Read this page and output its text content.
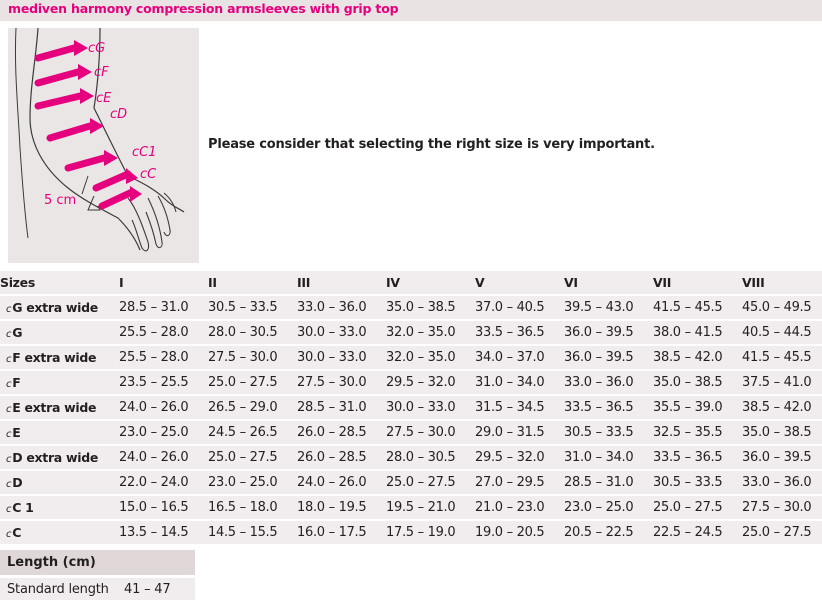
mediven harmony compression armsleeves with grip top
cG
cF
cE
cD
cC1
cC
5 cm
Please consider that selecting the right size is very important.
Sizes	I	II	III	IV	V	VI	VII	VIII
cG extra wide	28.5 – 31.0	30.5 – 33.5	33.0 – 36.0	35.0 – 38.5	37.0 – 40.5	39.5 – 43.0	41.5 – 45.5	45.0 – 49.5
cG	25.5 – 28.0	28.0 – 30.5	30.0 – 33.0	32.0 – 35.0	33.5 – 36.5	36.0 – 39.5	38.0 – 41.5	40.5 – 44.5
cF extra wide	25.5 – 28.0	27.5 – 30.0	30.0 – 33.0	32.0 – 35.0	34.0 – 37.0	36.0 – 39.5	38.5 – 42.0	41.5 – 45.5
cF	23.5 – 25.5	25.0 – 27.5	27.5 – 30.0	29.5 – 32.0	31.0 – 34.0	33.0 – 36.0	35.0 – 38.5	37.5 – 41.0
cE extra wide	24.0 – 26.0	26.5 – 29.0	28.5 – 31.0	30.0 – 33.0	31.5 – 34.5	33.5 – 36.5	35.5 – 39.0	38.5 – 42.0
cE	23.0 – 25.0	24.5 – 26.5	26.0 – 28.5	27.5 – 30.0	29.0 – 31.5	30.5 – 33.5	32.5 – 35.5	35.0 – 38.5
cD extra wide	24.0 – 26.0	25.0 – 27.5	26.0 – 28.5	28.0 – 30.5	29.5 – 32.0	31.0 – 34.0	33.5 – 36.5	36.0 – 39.5
cD	22.0 – 24.0	23.0 – 25.0	24.0 – 26.0	25.0 – 27.5	27.0 – 29.5	28.5 – 31.0	30.5 – 33.5	33.0 – 36.0
cC 1	15.0 – 16.5	16.5 – 18.0	18.0 – 19.5	19.5 – 21.0	21.0 – 23.0	23.0 – 25.0	25.0 – 27.5	27.5 – 30.0
cC	13.5 – 14.5	14.5 – 15.5	16.0 – 17.5	17.5 – 19.0	19.0 – 20.5	20.5 – 22.5	22.5 – 24.5	25.0 – 27.5
Length (cm)
Standard length 41 – 47
